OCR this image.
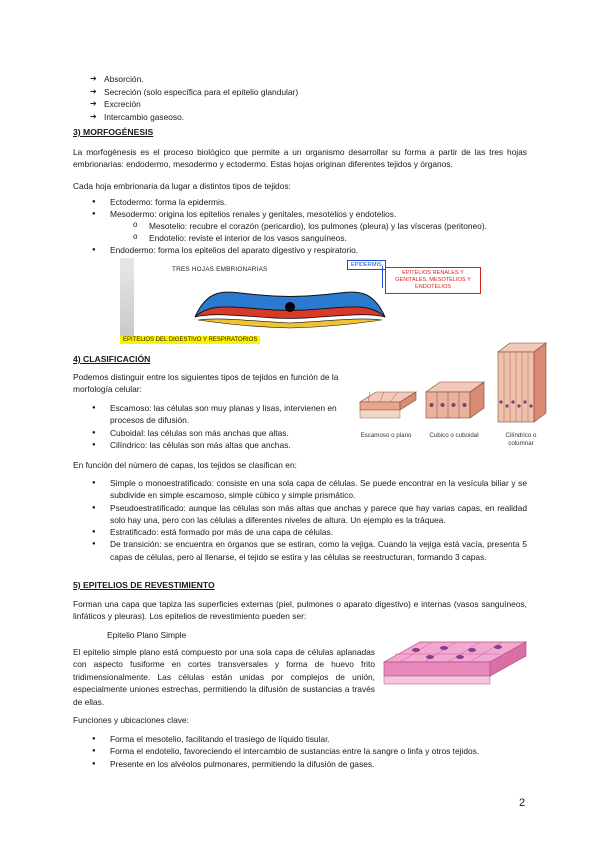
➔ Absorción.
➔ Secreción (solo específica para el epitelio glandular)
➔ Excreción
➔ Intercambio gaseoso.
3) MORFOGÉNESIS
La morfogénesis es el proceso biológico que permite a un organismo desarrollar su forma a partir de las tres hojas embrionarias: endodermo, mesodermo y ectodermo. Estas hojas originan diferentes tejidos y órganos.
Cada hoja embrionaria da lugar a distintos tipos de tejidos:
● Ectodermo: forma la epidermis.
● Mesodermo: origina los epitelios renales y genitales, mesotelios y endotelios.
o Mesotelio: recubre el corazón (pericardio), los pulmones (pleura) y las vísceras (peritoneo).
o Endotelio: reviste el interior de los vasos sanguíneos.
● Endodermo: forma los epitelios del aparato digestivo y respiratorio.
TRES HOJAS EMBRIONARIAS
EPIDERMIS
EPITELIOS RENALES Y GENITALES, MESOTELIOS Y ENDOTELIOS
EPITELIOS DEL DIGESTIVO Y RESPIRATORIOS
4) CLASIFICACIÓN
Podemos distinguir entre los siguientes tipos de tejidos en función de la morfología celular:
● Escamoso: las células son muy planas y lisas, intervienen en procesos de difusión.
● Cuboidal: las células son más anchas que altas.
● Cilíndrico: las células son más altas que anchas.
Escamoso o plano	Cubico o cuboidal	Cilíndrico o columnar
En función del número de capas, los tejidos se clasifican en:
● Simple o monoestratificado: consiste en una sola capa de células. Se puede encontrar en la vesícula biliar y se subdivide en simple escamoso, simple cúbico y simple prismático.
● Pseudoestratificado: aunque las células son más altas que anchas y parece que hay varias capas, en realidad solo hay una, pero con las células a diferentes niveles de altura. Un ejemplo es la tráquea.
● Estratificado: está formado por más de una capa de células.
● De transición: se encuentra en órganos que se estiran, como la vejiga. Cuando la vejiga está vacía, presenta 5 capas de células, pero al llenarse, el tejido se estira y las células se reestructuran, formando 3 capas.
5) EPITELIOS DE REVESTIMIENTO
Forman una capa que tapiza las superficies externas (piel, pulmones o aparato digestivo) e internas (vasos sanguíneos, linfáticos y pleuras). Los epitelios de revestimiento pueden ser:
Epitelio Plano Simple
El epitelio simple plano está compuesto por una sola capa de células aplanadas con aspecto fusiforme en cortes transversales y forma de huevo frito tridimensionalmente. Las células están unidas por complejos de unión, especialmente uniones estrechas, permitiendo la difusión de sustancias a través de ellas.
Funciones y ubicaciones clave:
● Forma el mesotelio, facilitando el trasiego de líquido tisular.
● Forma el endotelio, favoreciendo el intercambio de sustancias entre la sangre o linfa y otros tejidos.
● Presente en los alvéolos pulmonares, permitiendo la difusión de gases.
2
